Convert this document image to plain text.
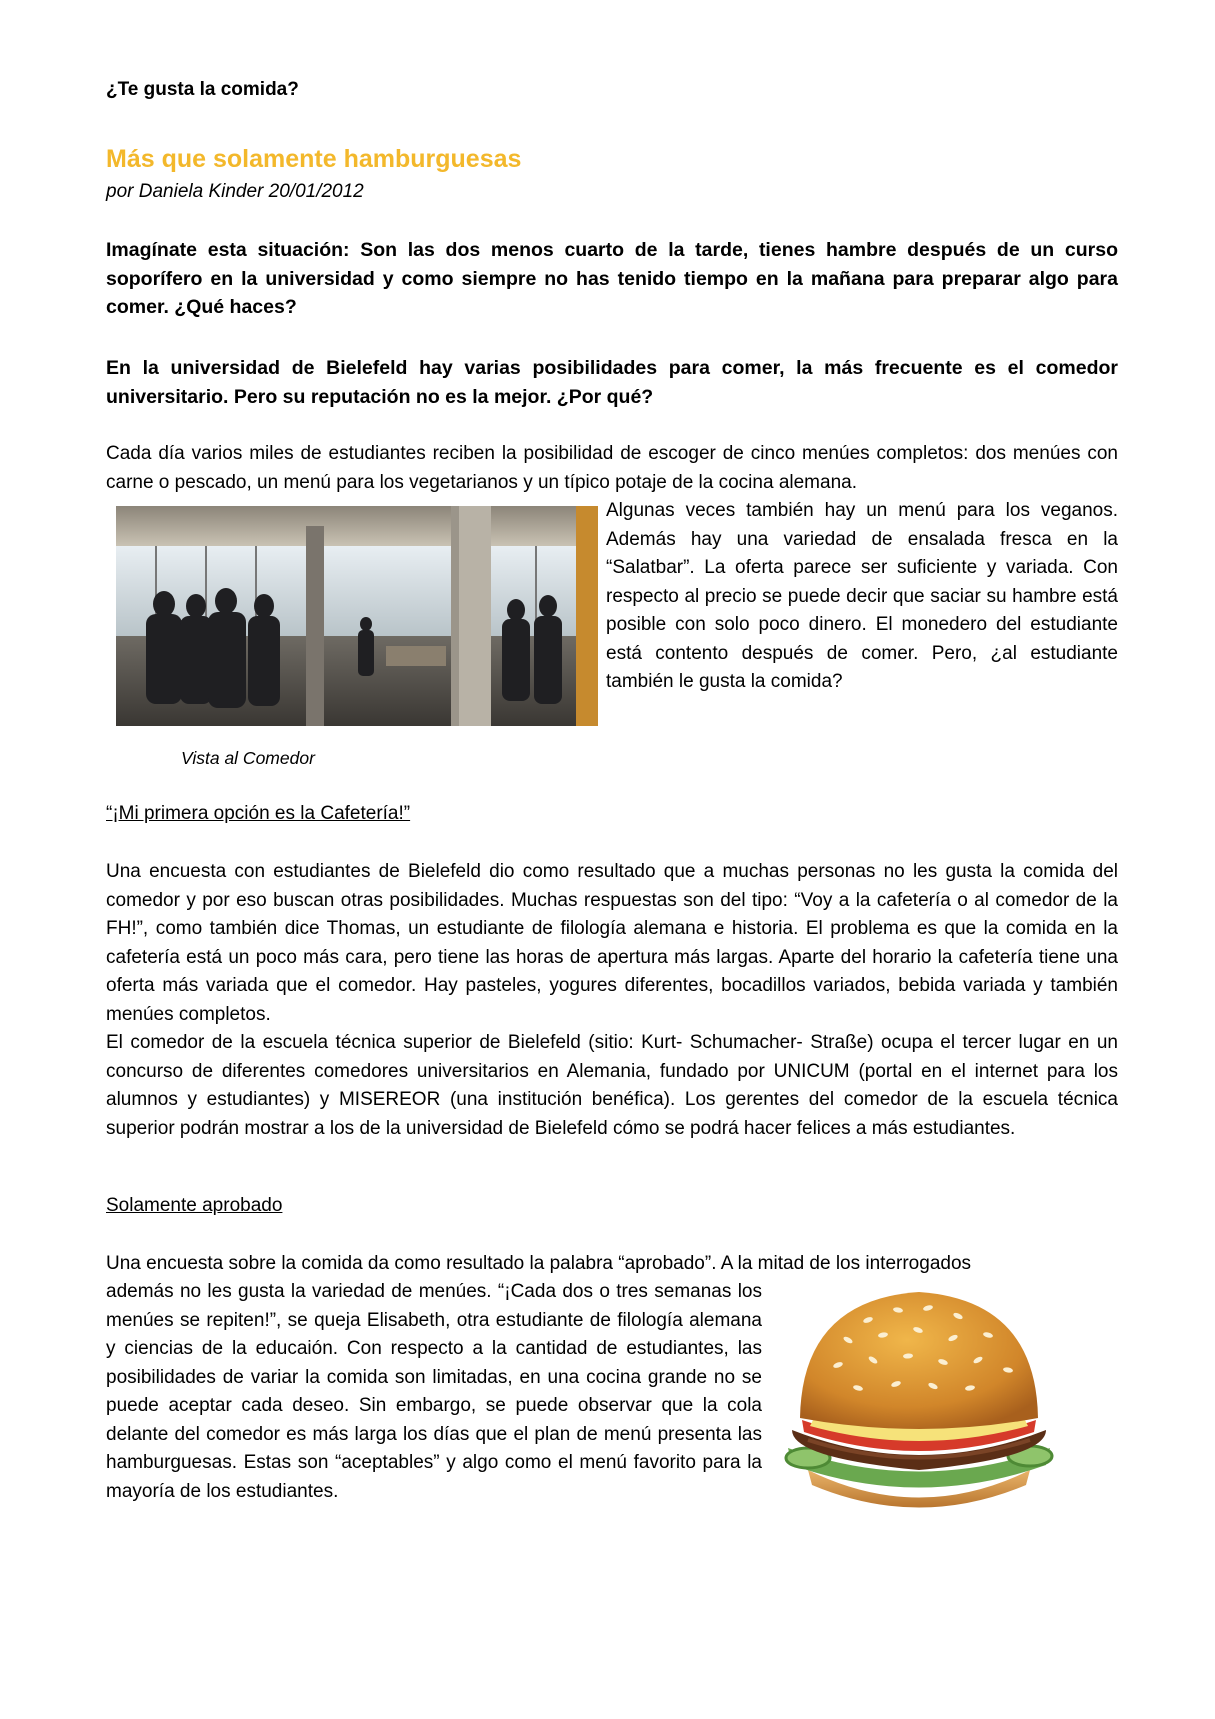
¿Te gusta la comida?
Más que solamente hamburguesas
por Daniela Kinder 20/01/2012

Imagínate esta situación: Son las dos menos cuarto de la tarde, tienes hambre después de un curso soporífero en la universidad y como siempre no has tenido tiempo en la mañana para preparar algo para comer. ¿Qué haces?

En la universidad de Bielefeld hay varias posibilidades para comer, la más frecuente es el comedor universitario. Pero su reputación no es la mejor. ¿Por qué?

Cada día varios miles de estudiantes reciben la posibilidad de escoger de cinco menúes completos: dos menúes con carne o pescado, un menú para los vegetarianos y un típico potaje de la cocina alemana.

Algunas veces también hay un menú para los veganos. Además hay una variedad de ensalada fresca en la “Salatbar”. La oferta parece ser suficiente y variada. Con respecto al precio se puede decir que saciar su hambre está posible con solo poco dinero. El monedero del estudiante está contento después de comer. Pero, ¿al estudiante también le gusta la comida?

Vista al Comedor
“¡Mi primera opción es la Cafetería!”

Una encuesta con estudiantes de Bielefeld dio como resultado que a muchas personas no les gusta la comida del comedor y por eso buscan otras posibilidades. Muchas respuestas son del tipo: “Voy a la cafetería o al comedor de la FH!”, como también dice Thomas, un estudiante de filología alemana e historia. El problema es que la comida en la cafetería está un poco más cara, pero tiene las horas de apertura más largas. Aparte del horario la cafetería tiene una oferta más variada que el comedor. Hay pasteles, yogures diferentes, bocadillos variados, bebida variada y también menúes completos.

El comedor de la escuela técnica superior de Bielefeld (sitio: Kurt- Schumacher- Straße) ocupa el tercer lugar en un concurso de diferentes comedores universitarios en Alemania, fundado por UNICUM (portal en el internet para los alumnos y estudiantes) y MISEREOR (una institución benéfica). Los gerentes del comedor de la escuela técnica superior podrán mostrar a los de la universidad de Bielefeld cómo se podrá hacer felices a más estudiantes.

Solamente aprobado

Una encuesta sobre la comida da como resultado la palabra “aprobado”. A la mitad de los interrogados

además no les gusta la variedad de menúes. “¡Cada dos o tres semanas los menúes se repiten!”, se queja Elisabeth, otra estudiante de filología alemana y ciencias de la educaión. Con respecto a la cantidad de estudiantes, las posibilidades de variar la comida son limitadas, en una cocina grande no se puede aceptar cada deseo. Sin embargo, se puede observar que la cola delante del comedor es más larga los días que el plan de menú presenta las hamburguesas. Estas son “aceptables” y algo como el menú favorito para la mayoría de los estudiantes.
